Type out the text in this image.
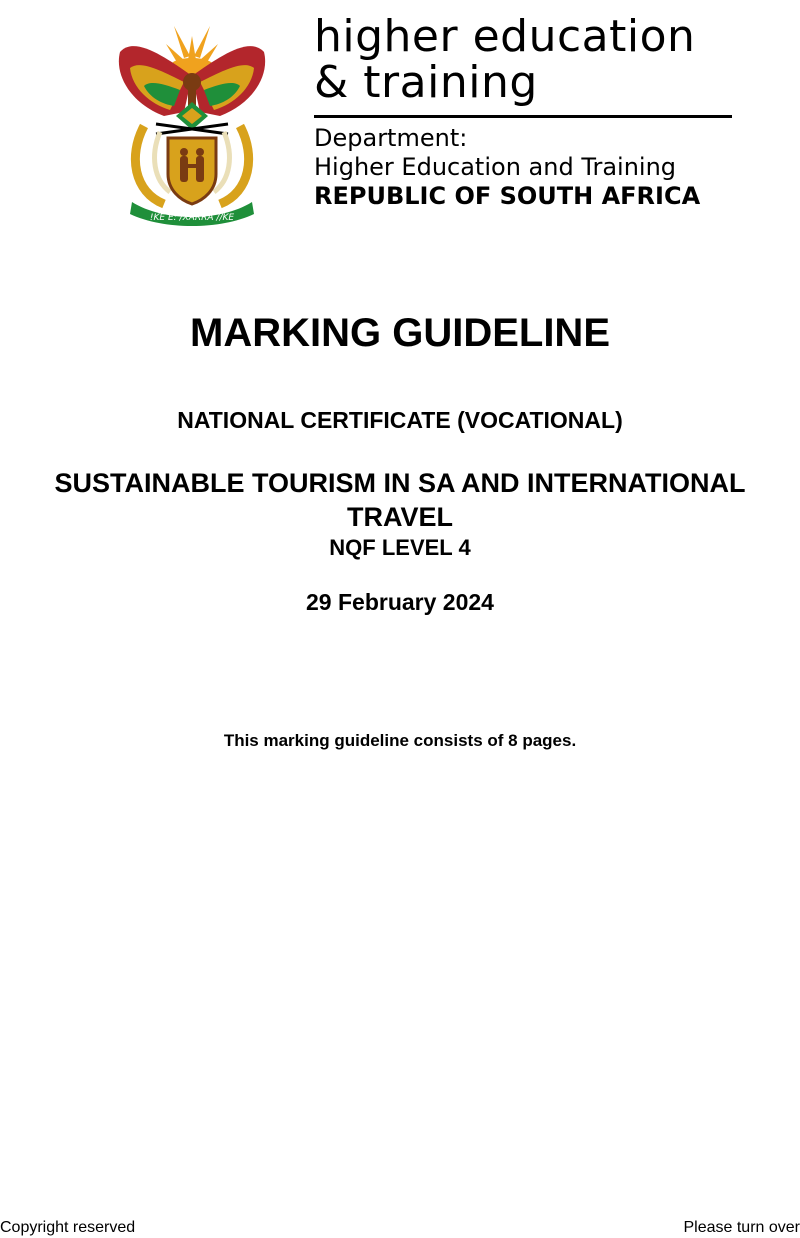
!KE E: /XARRA //KE
higher education
& training
Department:
Higher Education and Training
REPUBLIC OF SOUTH AFRICA
MARKING GUIDELINE
NATIONAL CERTIFICATE (VOCATIONAL)
SUSTAINABLE TOURISM IN SA AND INTERNATIONAL
TRAVEL
NQF LEVEL 4
29 February 2024
This marking guideline consists of 8 pages.
Copyright reserved	Please turn over
